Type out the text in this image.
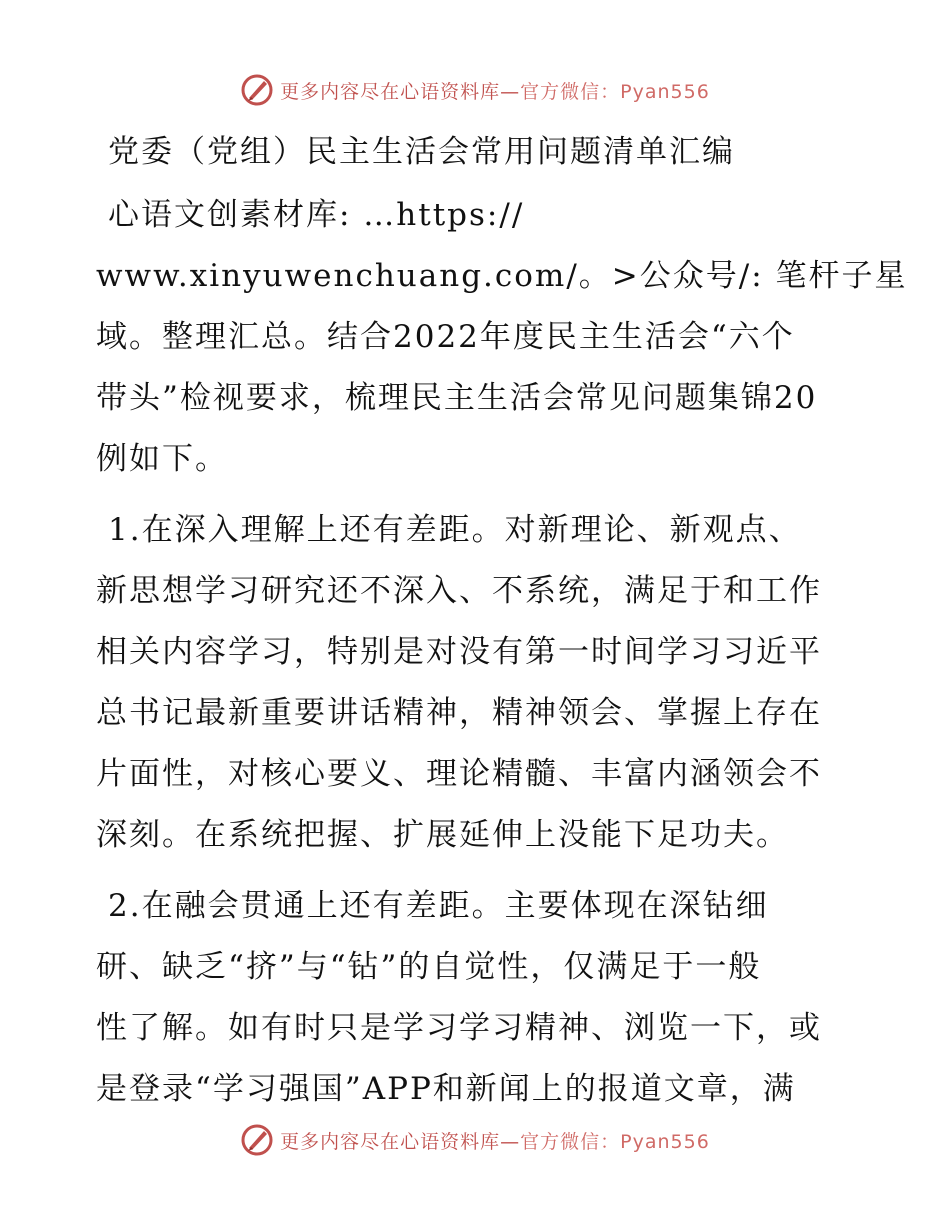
更多内容尽在心语资料库—官方微信：Pyan556
党委（党组）民主生活会常用问题清单汇编
心语文创素材库: …https://
www.xinyuwenchuang.com/。>公众号/: 笔杆子星
域。整理汇总。结合2022年度民主生活会“六个
带头”检视要求，梳理民主生活会常见问题集锦20
例如下。
1.在深入理解上还有差距。对新理论、新观点、
新思想学习研究还不深入、不系统，满足于和工作
相关内容学习，特别是对没有第一时间学习习近平
总书记最新重要讲话精神，精神领会、掌握上存在
片面性，对核心要义、理论精髓、丰富内涵领会不
深刻。在系统把握、扩展延伸上没能下足功夫。
2.在融会贯通上还有差距。主要体现在深钻细
研、缺乏“挤”与“钻”的自觉性，仅满足于一般
性了解。如有时只是学习学习精神、浏览一下，或
是登录“学习强国”APP和新闻上的报道文章，满
更多内容尽在心语资料库—官方微信：Pyan556
